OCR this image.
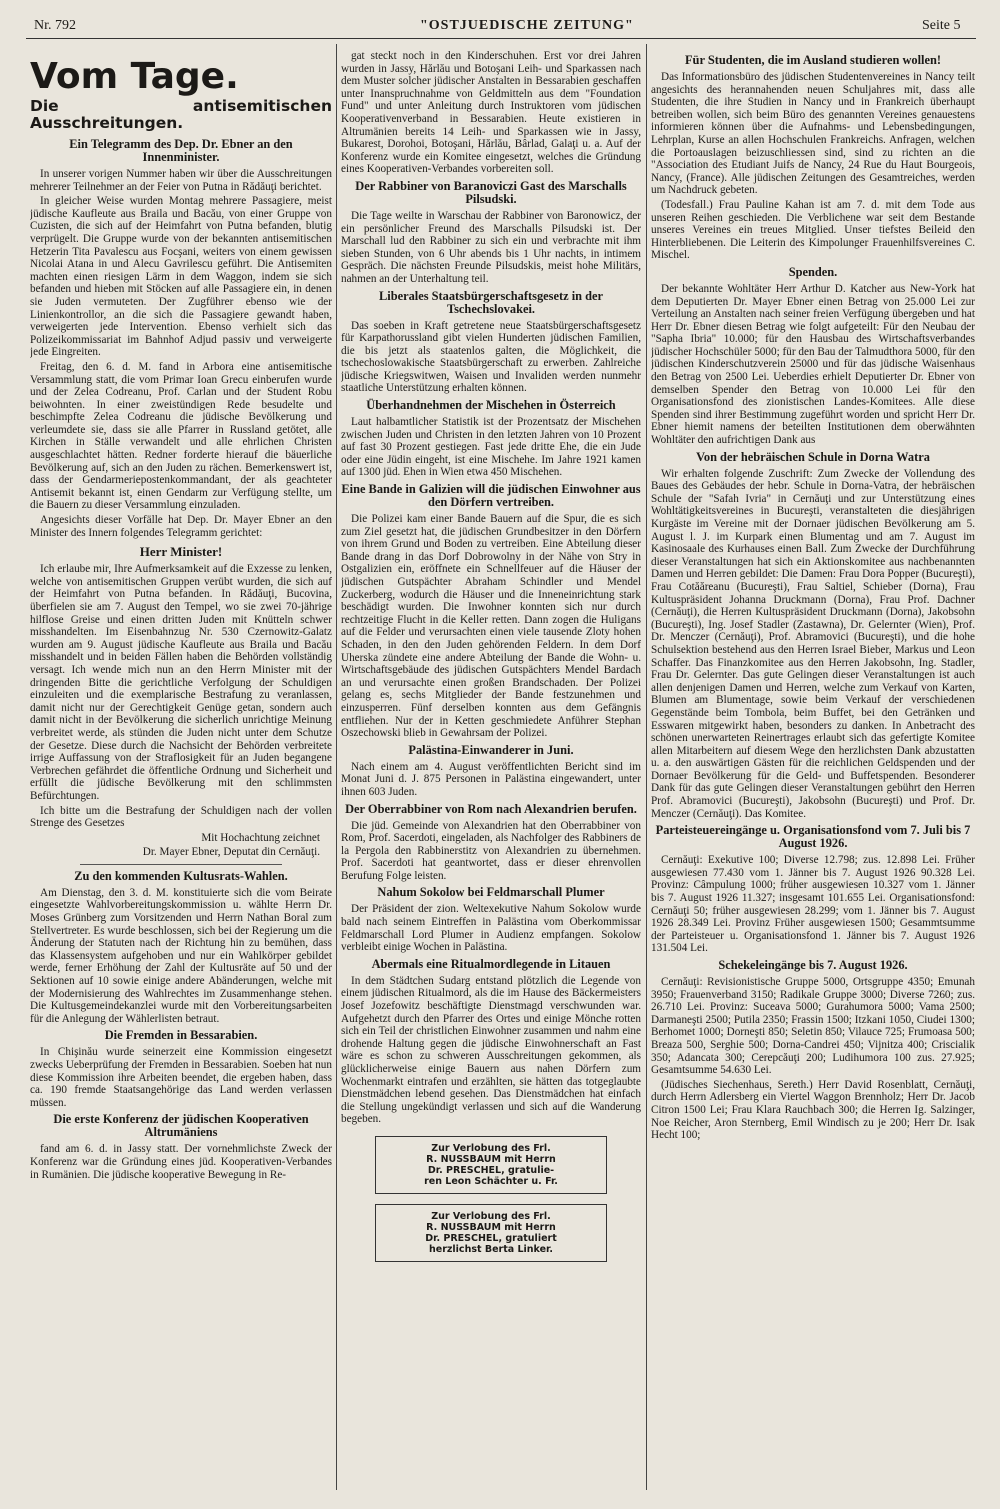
Nr. 792	"OSTJUEDISCHE ZEITUNG"	Seite 5
Vom Tage.
Die antisemitischen Ausschreitungen.
Ein Telegramm des Dep. Dr. Ebner an den Innenminister.

In unserer vorigen Nummer haben wir über die Ausschreitungen mehrerer Teilnehmer an der Feier von Putna in Rădăuţi berichtet.

In gleicher Weise wurden Montag mehrere Passagiere, meist jüdische Kaufleute aus Braila und Bacău, von einer Gruppe von Cuzisten, die sich auf der Heimfahrt von Putna befanden, blutig verprügelt. Die Gruppe wurde von der bekannten antisemitischen Hetzerin Tita Pavalescu aus Focşani, weiters von einem gewissen Nicolai Atana in und Alecu Gavrilescu geführt. Die Antisemiten machten einen riesigen Lärm in dem Waggon, indem sie sich befanden und hieben mit Stöcken auf alle Passagiere ein, in denen sie Juden vermuteten. Der Zugführer ebenso wie der Linienkontrollor, an die sich die Passagiere gewandt haben, verweigerten jede Intervention. Ebenso verhielt sich das Polizeikommissariat im Bahnhof Adjud passiv und verweigerte jede Eingreiten.

Freitag, den 6. d. M. fand in Arbora eine antisemitische Versammlung statt, die vom Primar Ioan Grecu einberufen wurde und der Zelea Codreanu, Prof. Carlan und der Student Robu beiwohnten. In einer zweistündigen Rede besudelte und beschimpfte Zelea Codreanu die jüdische Bevölkerung und verleumdete sie, dass sie alle Pfarrer in Russland getötet, alle Kirchen in Ställe verwandelt und alle ehrlichen Christen ausgeschlachtet hätten. Redner forderte hierauf die bäuerliche Bevölkerung auf, sich an den Juden zu rächen. Bemerkenswert ist, dass der Gendarmeriepostenkommandant, der als geachteter Antisemit bekannt ist, einen Gendarm zur Verfügung stellte, um die Bauern zu dieser Versammlung einzuladen.

Angesichts dieser Vorfälle hat Dep. Dr. Mayer Ebner an den Minister des Innern folgendes Telegramm gerichtet:

Herr Minister!

Ich erlaube mir, Ihre Aufmerksamkeit auf die Exzesse zu lenken, welche von antisemitischen Gruppen verübt wurden, die sich auf der Heimfahrt von Putna befanden. In Rădăuţi, Bucovina, überfielen sie am 7. August den Tempel, wo sie zwei 70-jährige hilflose Greise und einen dritten Juden mit Knütteln schwer misshandelten. Im Eisenbahnzug Nr. 530 Czernowitz-Galatz wurden am 9. August jüdische Kaufleute aus Braila und Bacău misshandelt und in beiden Fällen haben die Behörden vollständig versagt. Ich wende mich nun an den Herrn Minister mit der dringenden Bitte die gerichtliche Verfolgung der Schuldigen einzuleiten und die exemplarische Bestrafung zu veranlassen, damit nicht nur der Gerechtigkeit Genüge getan, sondern auch damit nicht in der Bevölkerung die sicherlich unrichtige Meinung verbreitet werde, als stünden die Juden nicht unter dem Schutze der Gesetze. Diese durch die Nachsicht der Behörden verbreitete irrige Auffassung von der Straflosigkeit für an Juden begangene Verbrechen gefährdet die öffentliche Ordnung und Sicherheit und erfüllt die jüdische Bevölkerung mit den schlimmsten Befürchtungen.

Ich bitte um die Bestrafung der Schuldigen nach der vollen Strenge des Gesetzes

Mit Hochachtung zeichnet

Dr. Mayer Ebner, Deputat din Cernăuţi.

Zu den kommenden Kultusrats-Wahlen.

Am Dienstag, den 3. d. M. konstituierte sich die vom Beirate eingesetzte Wahlvorbereitungskommission u. wählte Herrn Dr. Moses Grünberg zum Vorsitzenden und Herrn Nathan Boral zum Stellvertreter. Es wurde beschlossen, sich bei der Regierung um die Änderung der Statuten nach der Richtung hin zu bemühen, dass das Klassensystem aufgehoben und nur ein Wahlkörper gebildet werde, ferner Erhöhung der Zahl der Kultusräte auf 50 und der Sektionen auf 10 sowie einige andere Abänderungen, welche mit der Modernisierung des Wahlrechtes im Zusammenhange stehen. Die Kultusgemeindekanzlei wurde mit den Vorbereitungsarbeiten für die Anlegung der Wählerlisten betraut.

Die Fremden in Bessarabien.

In Chişinău wurde seinerzeit eine Kommission eingesetzt zwecks Ueberprüfung der Fremden in Bessarabien. Soeben hat nun diese Kommission ihre Arbeiten beendet, die ergeben haben, dass ca. 190 fremde Staatsangehörige das Land werden verlassen müssen.

Die erste Konferenz der jüdischen Kooperativen Altrumäniens

fand am 6. d. in Jassy statt. Der vornehmlichste Zweck der Konferenz war die Gründung eines jüd. Kooperativen-Verbandes in Rumänien. Die jüdische kooperative Bewegung in Re-

gat steckt noch in den Kinderschuhen. Erst vor drei Jahren wurden in Jassy, Hărlău und Botoşani Leih- und Sparkassen nach dem Muster solcher jüdischer Anstalten in Bessarabien geschaffen unter Inanspruchnahme von Geldmitteln aus dem "Foundation Fund" und unter Anleitung durch Instruktoren vom jüdischen Kooperativenverband in Bessarabien. Heute existieren in Altrumänien bereits 14 Leih- und Sparkassen wie in Jassy, Bukarest, Dorohoi, Botoşani, Hărlău, Bârlad, Galaţi u. a. Auf der Konferenz wurde ein Komitee eingesetzt, welches die Gründung eines Kooperativen-Verbandes vorbereiten soll.

Der Rabbiner von Baranoviczi Gast des Marschalls Pilsudski.

Die Tage weilte in Warschau der Rabbiner von Baronowicz, der ein persönlicher Freund des Marschalls Pilsudski ist. Der Marschall lud den Rabbiner zu sich ein und verbrachte mit ihm sieben Stunden, von 6 Uhr abends bis 1 Uhr nachts, in intimem Gespräch. Die nächsten Freunde Pilsudskis, meist hohe Militärs, nahmen an der Unterhaltung teil.

Liberales Staatsbürgerschaftsgesetz in der Tschechslovakei.

Das soeben in Kraft getretene neue Staatsbürgerschaftsgesetz für Karpathorussland gibt vielen Hunderten jüdischen Familien, die bis jetzt als staatenlos galten, die Möglichkeit, die tschechoslowakische Staatsbürgerschaft zu erwerben. Zahlreiche jüdische Kriegswitwen, Waisen und Invaliden werden nunmehr staatliche Unterstützung erhalten können.

Überhandnehmen der Mischehen in Österreich

Laut halbamtlicher Statistik ist der Prozentsatz der Mischehen zwischen Juden und Christen in den letzten Jahren von 10 Prozent auf fast 30 Prozent gestiegen. Fast jede dritte Ehe, die ein Jude oder eine Jüdin eingeht, ist eine Mischehe. Im Jahre 1921 kamen auf 1300 jüd. Ehen in Wien etwa 450 Mischehen.

Eine Bande in Galizien will die jüdischen Einwohner aus den Dörfern vertreiben.

Die Polizei kam einer Bande Bauern auf die Spur, die es sich zum Ziel gesetzt hat, die jüdischen Grundbesitzer in den Dörfern von ihrem Grund und Boden zu vertreiben. Eine Abteilung dieser Bande drang in das Dorf Dobrowolny in der Nähe von Stry in Ostgalizien ein, eröffnete ein Schnellfeuer auf die Häuser der jüdischen Gutspächter Abraham Schindler und Mendel Zuckerberg, wodurch die Häuser und die Inneneinrichtung stark beschädigt wurden. Die Inwohner konnten sich nur durch rechtzeitige Flucht in die Keller retten. Dann zogen die Huligans auf die Felder und verursachten einen viele tausende Zloty hohen Schaden, in den den Juden gehörenden Feldern. In dem Dorf Uherska zündete eine andere Abteilung der Bande die Wohn- u. Wirtschaftsgebäude des jüdischen Gutspächters Mendel Bardach an und verursachte einen großen Brandschaden. Der Polizei gelang es, sechs Mitglieder der Bande festzunehmen und einzusperren. Fünf derselben konnten aus dem Gefängnis entfliehen. Nur der in Ketten geschmiedete Anführer Stephan Oszechowski blieb in Gewahrsam der Polizei.

Palästina-Einwanderer in Juni.

Nach einem am 4. August veröffentlichten Bericht sind im Monat Juni d. J. 875 Personen in Palästina eingewandert, unter ihnen 603 Juden.

Der Oberrabbiner von Rom nach Alexandrien berufen.

Die jüd. Gemeinde von Alexandrien hat den Oberrabbiner von Rom, Prof. Sacerdoti, eingeladen, als Nachfolger des Rabbiners de la Pergola den Rabbinerstitz von Alexandrien zu übernehmen. Prof. Sacerdoti hat geantwortet, dass er dieser ehrenvollen Berufung Folge leisten.

Nahum Sokolow bei Feldmarschall Plumer

Der Präsident der zion. Weltexekutive Nahum Sokolow wurde bald nach seinem Eintreffen in Palästina vom Oberkommissar Feldmarschall Lord Plumer in Audienz empfangen. Sokolow verbleibt einige Wochen in Palästina.

Abermals eine Ritualmordlegende in Litauen

In dem Städtchen Sudarg entstand plötzlich die Legende von einem jüdischen Ritualmord, als die im Hause des Bäckermeisters Josef Jozefowitz beschäftigte Dienstmagd verschwunden war. Aufgehetzt durch den Pfarrer des Ortes und einige Mönche rotten sich ein Teil der christlichen Einwohner zusammen und nahm eine drohende Haltung gegen die jüdische Einwohnerschaft an Fast wäre es schon zu schweren Ausschreitungen gekommen, als glücklicherweise einige Bauern aus nahen Dörfern zum Wochenmarkt eintrafen und erzählten, sie hätten das totgeglaubte Dienstmädchen lebend gesehen. Das Dienstmädchen hat einfach die Stellung ungekündigt verlassen und sich auf die Wanderung begeben.

Zur Verlobung des Frl.
R. NUSSBAUM mit Herrn
Dr. PRESCHEL, gratulie-
ren Leon Schächter u. Fr.
Zur Verlobung des Frl.
R. NUSSBAUM mit Herrn
Dr. PRESCHEL, gratuliert
herzlichst Berta Linker.
Für Studenten, die im Ausland studieren wollen!

Das Informationsbüro des jüdischen Studentenvereines in Nancy teilt angesichts des herannahenden neuen Schuljahres mit, dass alle Studenten, die ihre Studien in Nancy und in Frankreich überhaupt betreiben wollen, sich beim Büro des genannten Vereines genauestens informieren können über die Aufnahms- und Lebensbedingungen, Lehrplan, Kurse an allen Hochschulen Frankreichs. Anfragen, welchen die Portoauslagen beizuschliessen sind, sind zu richten an die "Association des Etudiant Juifs de Nancy, 24 Rue du Haut Bourgeois, Nancy, (France). Alle jüdischen Zeitungen des Gesamtreiches, werden um Nachdruck gebeten.

(Todesfall.) Frau Pauline Kahan ist am 7. d. mit dem Tode aus unseren Reihen geschieden. Die Verblichene war seit dem Bestande unseres Vereines ein treues Mitglied. Unser tiefstes Beileid den Hinterbliebenen. Die Leiterin des Kimpolunger Frauenhilfsvereines C. Mischel.

Spenden.

Der bekannte Wohltäter Herr Arthur D. Katcher aus New-York hat dem Deputierten Dr. Mayer Ebner einen Betrag von 25.000 Lei zur Verteilung an Anstalten nach seiner freien Verfügung übergeben und hat Herr Dr. Ebner diesen Betrag wie folgt aufgeteilt: Für den Neubau der "Sapha Ibria" 10.000; für den Hausbau des Wirtschaftsverbandes jüdischer Hochschüler 5000; für den Bau der Talmudthora 5000, für den jüdischen Kinderschutzverein 25000 und für das jüdische Waisenhaus den Betrag von 2500 Lei. Ueberdies erhielt Deputierter Dr. Ebner von demselben Spender den Betrag von 10.000 Lei für den Organisationsfond des zionistischen Landes-Komitees. Alle diese Spenden sind ihrer Bestimmung zugeführt worden und spricht Herr Dr. Ebner hiemit namens der beteilten Institutionen dem oberwähnten Wohltäter den aufrichtigen Dank aus

Von der hebräischen Schule in Dorna Watra

Wir erhalten folgende Zuschrift: Zum Zwecke der Vollendung des Baues des Gebäudes der hebr. Schule in Dorna-Vatra, der hebräischen Schule der "Safah Ivria" in Cernăuţi und zur Unterstützung eines Wohltätigkeitsvereines in Bucureşti, veranstalteten die diesjährigen Kurgäste im Vereine mit der Dornaer jüdischen Bevölkerung am 5. August l. J. im Kurpark einen Blumentag und am 7. August im Kasinosaale des Kurhauses einen Ball. Zum Zwecke der Durchführung dieser Veranstaltungen hat sich ein Aktionskomitee aus nachbenannten Damen und Herren gebildet: Die Damen: Frau Dora Popper (Bucureşti), Frau Cotăăreanu (Bucureşti), Frau Saltiel, Schieber (Dorna), Frau Kultuspräsident Johanna Druckmann (Dorna), Frau Prof. Dachner (Cernăuţi), die Herren Kultuspräsident Druckmann (Dorna), Jakobsohn (Bucureşti), Ing. Josef Stadler (Zastawna), Dr. Gelernter (Wien), Prof. Dr. Menczer (Cernăuţi), Prof. Abramovici (Bucureşti), und die hohe Schulsektion bestehend aus den Herren Israel Bieber, Markus und Leon Schaffer. Das Finanzkomitee aus den Herren Jakobsohn, Ing. Stadler, Frau Dr. Gelernter. Das gute Gelingen dieser Veranstaltungen ist auch allen denjenigen Damen und Herren, welche zum Verkauf von Karten, Blumen am Blumentage, sowie beim Verkauf der verschiedenen Gegenstände beim Tombola, beim Buffet, bei den Getränken und Esswaren mitgewirkt haben, besonders zu danken. In Anbetracht des schönen unerwarteten Reinertrages erlaubt sich das gefertigte Komitee allen Mitarbeitern auf diesem Wege den herzlichsten Dank abzustatten u. a. den auswärtigen Gästen für die reichlichen Geldspenden und der Dornaer Bevölkerung für die Geld- und Buffetspenden. Besonderer Dank für das gute Gelingen dieser Veranstaltungen gebührt den Herren Prof. Abramovici (Bucureşti), Jakobsohn (Bucureşti) und Prof. Dr. Menczer (Cernăuţi). Das Komitee.

Parteisteuereingänge u. Organisationsfond vom 7. Juli bis 7 August 1926.

Cernăuţi: Exekutive 100; Diverse 12.798; zus. 12.898 Lei. Früher ausgewiesen 77.430 vom 1. Jänner bis 7. August 1926 90.328 Lei. Provinz: Câmpulung 1000; früher ausgewiesen 10.327 vom 1. Jänner bis 7. August 1926 11.327; insgesamt 101.655 Lei. Organisationsfond: Cernăuţi 50; früher ausgewiesen 28.299; vom 1. Jänner bis 7. August 1926 28.349 Lei. Provinz Früher ausgewiesen 1500; Gesammtsumme der Parteisteuer u. Organisationsfond 1. Jänner bis 7. August 1926 131.504 Lei.

Schekeleingänge bis 7. August 1926.

Cernăuţi: Revisionistische Gruppe 5000, Ortsgruppe 4350; Emunah 3950; Frauenverband 3150; Radikale Gruppe 3000; Diverse 7260; zus. 26.710 Lei. Provinz: Suceava 5000; Gurahumora 5000; Vama 2500; Darmaneşti 2500; Putila 2350; Frassin 1500; Itzkani 1050, Ciudei 1300; Berhomet 1000; Dorneşti 850; Seletin 850; Vilauce 725; Frumoasa 500; Breaza 500, Serghie 500; Dorna-Candrei 450; Vijnitza 400; Criscialik 350; Adancata 300; Cerepcăuţi 200; Ludihumora 100 zus. 27.925; Gesamtsumme 54.630 Lei.

(Jüdisches Siechenhaus, Sereth.) Herr David Rosenblatt, Cernăuţi, durch Herrn Adlersberg ein Viertel Waggon Brennholz; Herr Dr. Jacob Citron 1500 Lei; Frau Klara Rauchbach 300; die Herren Ig. Salzinger, Noe Reicher, Aron Sternberg, Emil Windisch zu je 200; Herr Dr. Isak Hecht 100;
